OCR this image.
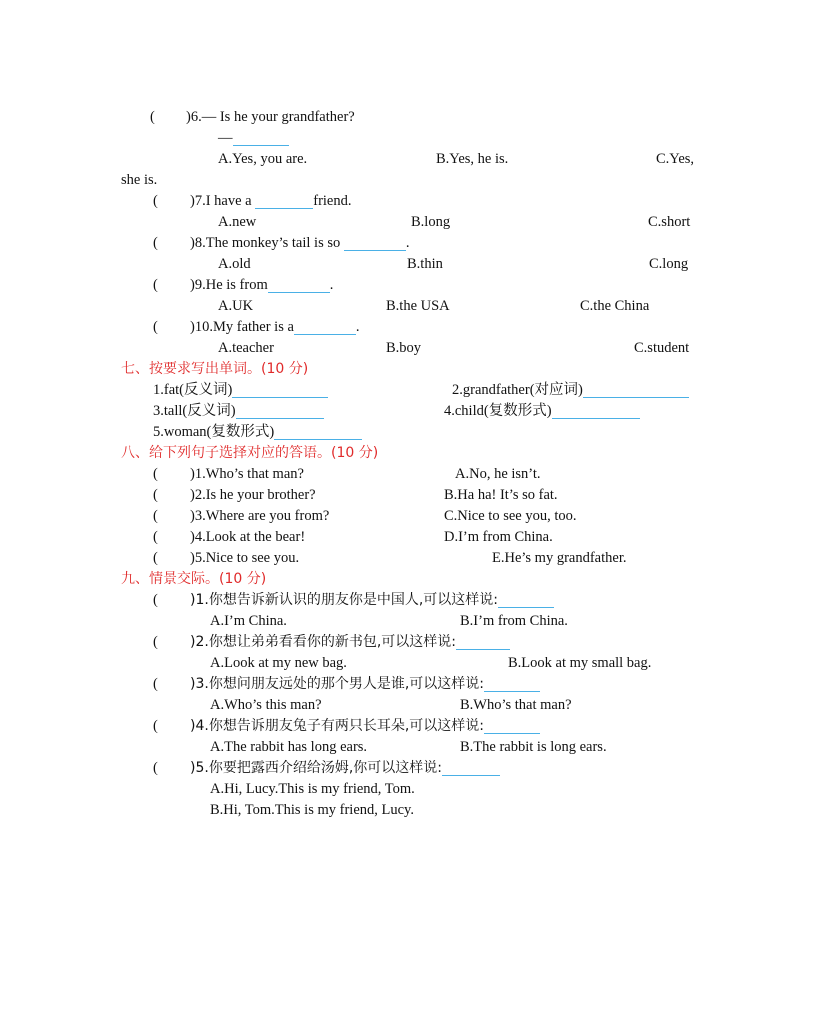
( )6.— Is he your grandfather?
—
A.Yes, you are.	B.Yes, he is.	C.Yes,
she is.
( )7.I have a	friend.
A.new	B.long	C.short
( )8.The monkey’s tail is so	.
A.old	B.thin	C.long
( )9.He is from	.
A.UK	B.the USA	C.the China
( )10.My father is a	.
A.teacher	B.boy	C.student
七、按要求写出单词。(10 分)
1.fat(反义词)	2.grandfather(对应词)
3.tall(反义词)	4.child(复数形式)
5.woman(复数形式)
八、给下列句子选择对应的答语。(10 分)
( )1.Who’s that man?	A.No, he isn’t.
( )2.Is he your brother?	B.Ha ha! It’s so fat.
( )3.Where are you from?	C.Nice to see you, too.
( )4.Look at the bear!	D.I’m from China.
( )5.Nice to see you.	E.He’s my grandfather.
九、情景交际。(10 分)
( )1.你想告诉新认识的朋友你是中国人,可以这样说:
A.I’m China.	B.I’m from China.
( )2.你想让弟弟看看你的新书包,可以这样说:
A.Look at my new bag.	B.Look at my small bag.
( )3.你想问朋友远处的那个男人是谁,可以这样说:
A.Who’s this man?	B.Who’s that man?
( )4.你想告诉朋友兔子有两只长耳朵,可以这样说:
A.The rabbit has long ears.	B.The rabbit is long ears.
( )5.你要把露西介绍给汤姆,你可以这样说:
A.Hi, Lucy.This is my friend, Tom.
B.Hi, Tom.This is my friend, Lucy.
